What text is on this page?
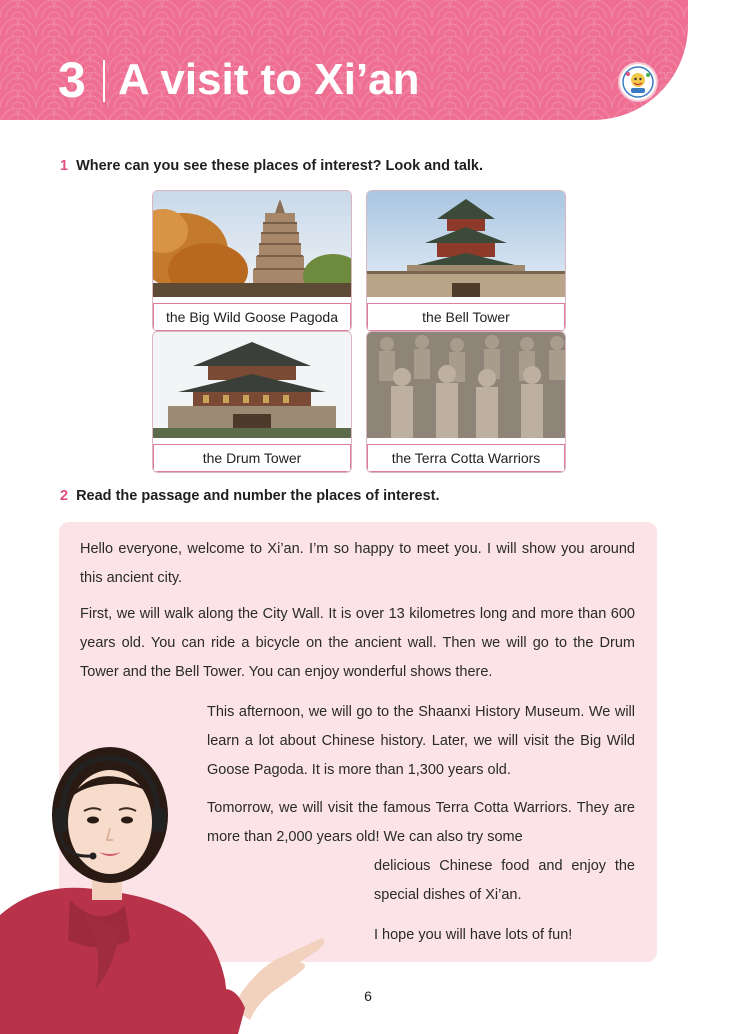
3 A visit to Xi’an
1 Where can you see these places of interest? Look and talk.
the Big Wild Goose Pagoda	the Bell Tower
the Drum Tower	the Terra Cotta Warriors
2 Read the passage and number the places of interest.
Hello everyone, welcome to Xi’an. I’m so happy to meet you. I will show you around this ancient city.
First, we will walk along the City Wall. It is over 13 kilometres long and more than 600 years old. You can ride a bicycle on the ancient wall. Then we will go to the Drum Tower and the Bell Tower. You can enjoy wonderful shows there.
This afternoon, we will go to the Shaanxi History Museum. We will learn a lot about Chinese history. Later, we will visit the Big Wild Goose Pagoda. It is more than 1,300 years old.
Tomorrow, we will visit the famous Terra Cotta Warriors. They are more than 2,000 years old! We can also try some
delicious Chinese food and enjoy the special dishes of Xi’an.
I hope you will have lots of fun!
6
